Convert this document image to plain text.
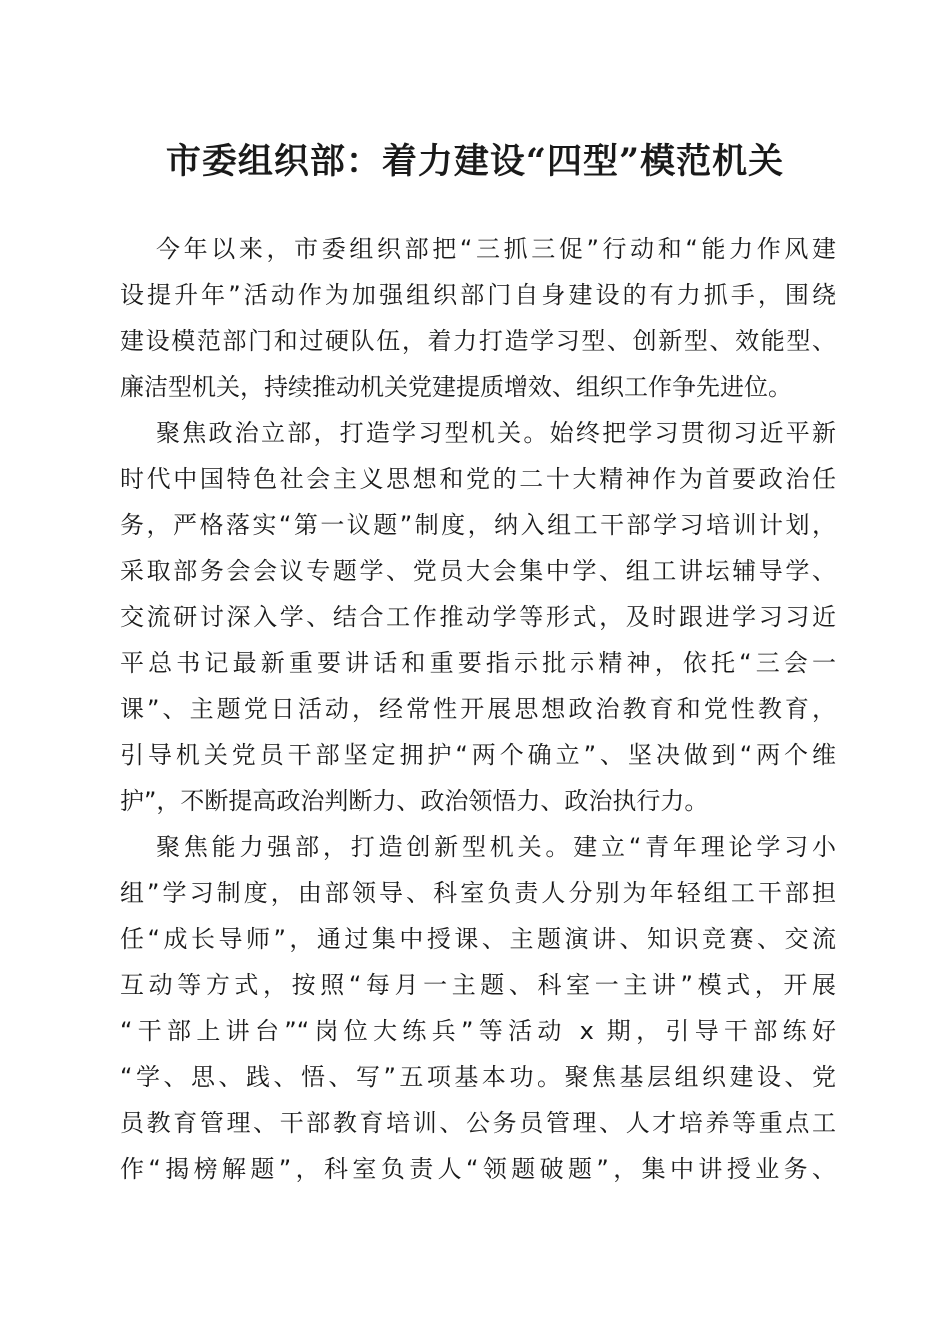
市委组织部：着力建设“四型”模范机关
今年以来，市委组织部把“三抓三促”行动和“能力作风建
设提升年”活动作为加强组织部门自身建设的有力抓手，围绕
建设模范部门和过硬队伍，着力打造学习型、创新型、效能型、
廉洁型机关，持续推动机关党建提质增效、组织工作争先进位。
聚焦政治立部，打造学习型机关。始终把学习贯彻习近平新
时代中国特色社会主义思想和党的二十大精神作为首要政治任
务，严格落实“第一议题”制度，纳入组工干部学习培训计划，
采取部务会会议专题学、党员大会集中学、组工讲坛辅导学、
交流研讨深入学、结合工作推动学等形式，及时跟进学习习近
平总书记最新重要讲话和重要指示批示精神，依托“三会一
课”、主题党日活动，经常性开展思想政治教育和党性教育，
引导机关党员干部坚定拥护“两个确立”、坚决做到“两个维
护”，不断提高政治判断力、政治领悟力、政治执行力。
聚焦能力强部，打造创新型机关。建立“青年理论学习小
组”学习制度，由部领导、科室负责人分别为年轻组工干部担
任“成长导师”，通过集中授课、主题演讲、知识竞赛、交流
互动等方式，按照“每月一主题、科室一主讲”模式，开展
“干部上讲台”“岗位大练兵”等活动 x 期，引导干部练好
“学、思、践、悟、写”五项基本功。聚焦基层组织建设、党
员教育管理、干部教育培训、公务员管理、人才培养等重点工
作“揭榜解题”，科室负责人“领题破题”，集中讲授业务、
